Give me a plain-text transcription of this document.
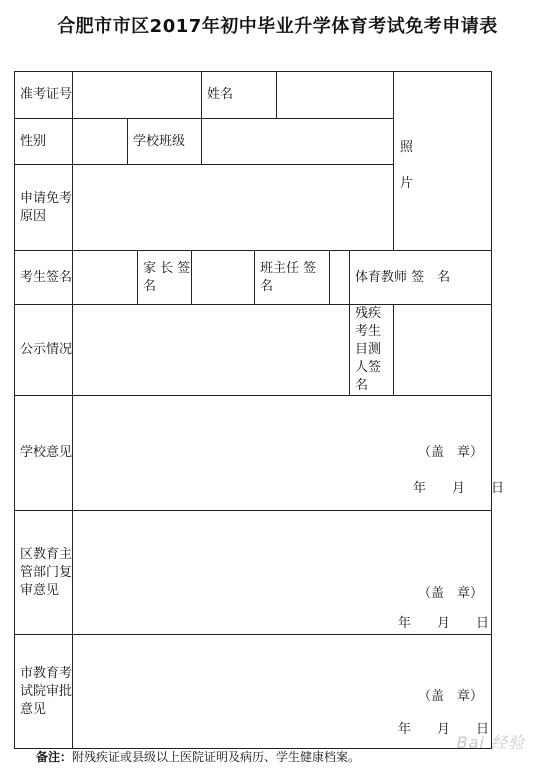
合肥市市区2017年初中毕业升学体育考试免考申请表
准考证号					姓名					照
片

性别		学校班级								
申请免考原因										
考生签名			家 长 签名			班主任 签名			体育教师 签　名	
公示情况									残疾考生目测人签名	
学校意见	（盖　章）
年　　月　　日									

区教育主管部门复审意见	（盖　章）
年　　月　　日									

市教育考试院审批意见	（盖　章）
年　　月　　日									
备注：附残疾证或县级以上医院证明及病历、学生健康档案。
Bai 经验
